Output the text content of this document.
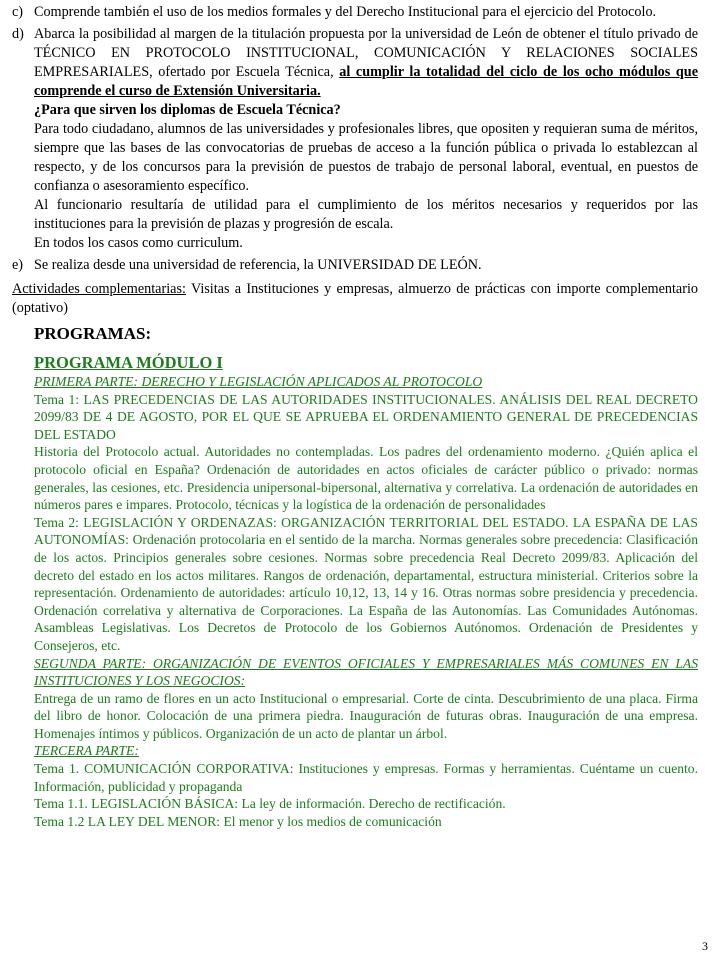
c) Comprende también el uso de los medios formales y del Derecho Institucional para el ejercicio del Protocolo.
d) Abarca la posibilidad al margen de la titulación propuesta por la universidad de León de obtener el título privado de TÉCNICO EN PROTOCOLO INSTITUCIONAL, COMUNICACIÓN Y RELACIONES SOCIALES EMPRESARIALES, ofertado por Escuela Técnica, al cumplir la totalidad del ciclo de los ocho módulos que comprende el curso de Extensión Universitaria.

¿Para que sirven los diplomas de Escuela Técnica?

Para todo ciudadano, alumnos de las universidades y profesionales libres, que opositen y requieran suma de méritos, siempre que las bases de las convocatorias de pruebas de acceso a la función pública o privada lo establezcan al respecto, y de los concursos para la previsión de puestos de trabajo de personal laboral, eventual, en puestos de confianza o asesoramiento específico.

Al funcionario resultaría de utilidad para el cumplimiento de los méritos necesarios y requeridos por las instituciones para la previsión de plazas y progresión de escala.

En todos los casos como curriculum.

e) Se realiza desde una universidad de referencia, la UNIVERSIDAD DE LEÓN.

Actividades complementarias: Visitas a Instituciones y empresas, almuerzo de prácticas con importe complementario (optativo)

PROGRAMAS:

PROGRAMA MÓDULO I

PRIMERA PARTE: DERECHO Y LEGISLACIÓN APLICADOS AL PROTOCOLO

Tema 1: LAS PRECEDENCIAS DE LAS AUTORIDADES INSTITUCIONALES. ANÁLISIS DEL REAL DECRETO 2099/83 DE 4 DE AGOSTO, POR EL QUE SE APRUEBA EL ORDENAMIENTO GENERAL DE PRECEDENCIAS DEL ESTADO

Historia del Protocolo actual. Autoridades no contempladas. Los padres del ordenamiento moderno. ¿Quién aplica el protocolo oficial en España? Ordenación de autoridades en actos oficiales de carácter público o privado: normas generales, las cesiones, etc. Presidencia unipersonal-bipersonal, alternativa y correlativa. La ordenación de autoridades en números pares e impares. Protocolo, técnicas y la logística de la ordenación de personalidades

Tema 2: LEGISLACIÓN Y ORDENAZAS: ORGANIZACIÓN TERRITORIAL DEL ESTADO. LA ESPAÑA DE LAS AUTONOMÍAS: Ordenación protocolaria en el sentido de la marcha. Normas generales sobre precedencia: Clasificación de los actos. Principios generales sobre cesiones. Normas sobre precedencia Real Decreto 2099/83. Aplicación del decreto del estado en los actos militares. Rangos de ordenación, departamental, estructura ministerial. Criterios sobre la representación. Ordenamiento de autoridades: artículo 10,12, 13, 14 y 16. Otras normas sobre presidencia y precedencia. Ordenación correlativa y alternativa de Corporaciones. La España de las Autonomías. Las Comunidades Autónomas. Asambleas Legislativas. Los Decretos de Protocolo de los Gobiernos Autónomos. Ordenación de Presidentes y Consejeros, etc.

SEGUNDA PARTE: ORGANIZACIÓN DE EVENTOS OFICIALES Y EMPRESARIALES MÁS COMUNES EN LAS INSTITUCIONES Y LOS NEGOCIOS:

Entrega de un ramo de flores en un acto Institucional o empresarial. Corte de cinta. Descubrimiento de una placa. Firma del libro de honor. Colocación de una primera piedra. Inauguración de futuras obras. Inauguración de una empresa. Homenajes íntimos y públicos. Organización de un acto de plantar un árbol.

TERCERA PARTE:

Tema 1. COMUNICACIÓN CORPORATIVA: Instituciones y empresas. Formas y herramientas. Cuéntame un cuento. Información, publicidad y propaganda

Tema 1.1. LEGISLACIÓN BÁSICA: La ley de información. Derecho de rectificación.

Tema 1.2 LA LEY DEL MENOR: El menor y los medios de comunicación

3
